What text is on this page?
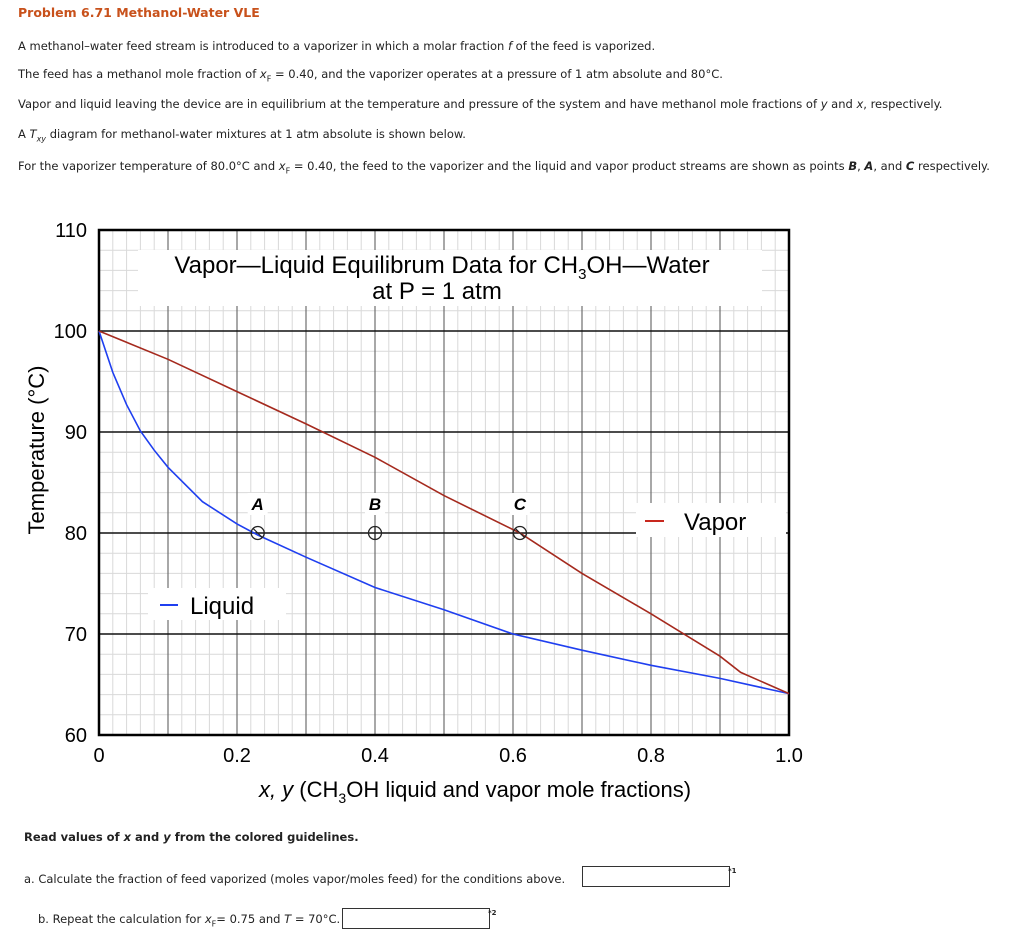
Problem 6.71 Methanol-Water VLE
A methanol–water feed stream is introduced to a vaporizer in which a molar fraction f of the feed is vaporized.
The feed has a methanol mole fraction of $x_F = 0.40$, and the vaporizer operates at a pressure of 1 atm absolute and 80°C.
Vapor and liquid leaving the device are in equilibrium at the temperature and pressure of the system and have methanol mole fractions of y and x, respectively.
A $T_{xy}$ diagram for methanol-water mixtures at 1 atm absolute is shown below.
For the vaporizer temperature of 80.0°C and $x_F = 0.40$, the feed to the vaporizer and the liquid and vapor product streams are shown as points B, A, and C respectively.
60
70
80
90
100
110
0	0.2	0.4	0.6	0.8	1.0
Vapor—Liquid Equilibrum Data for $CH_3OH—Water$
at P = 1 atm
Temperature (°C)
x, y ($CH_3OH$ liquid and vapor mole fractions)
A	B	C
Liquid
Vapor
Read values of x and y from the colored guidelines.
a. Calculate the fraction of feed vaporized (moles vapor/moles feed) for the conditions above.
*1
b. Repeat the calculation for $x_F= 0.75$ and T = 70°C.	*2
